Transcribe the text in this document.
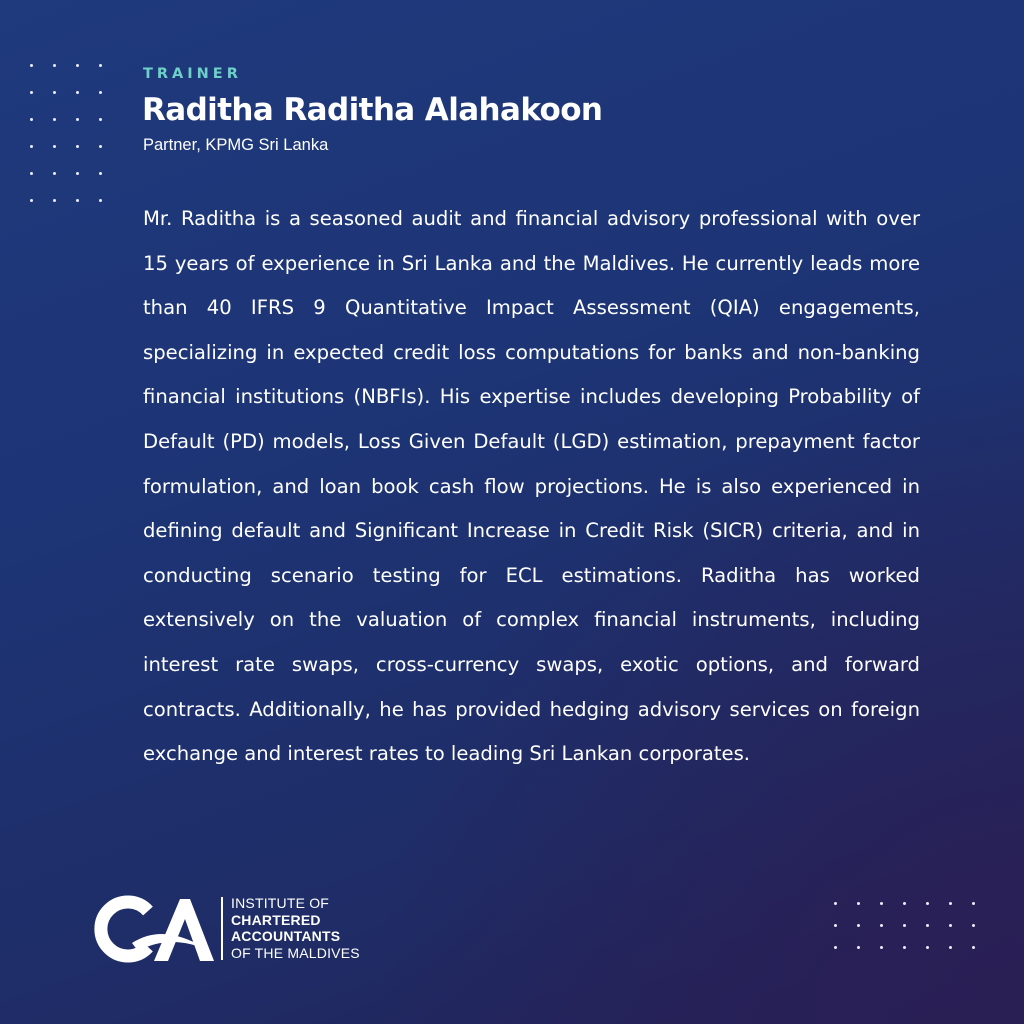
TRAINER

Raditha Raditha Alahakoon

Partner, KPMG Sri Lanka

Mr. Raditha is a seasoned audit and financial advisory professional with over 15 years of experience in Sri Lanka and the Maldives. He currently leads more than 40 IFRS 9 Quantitative Impact Assessment (QIA) engagements, specializing in expected credit loss computations for banks and non-banking financial institutions (NBFIs). His expertise includes developing Probability of Default (PD) models, Loss Given Default (LGD) estimation, prepayment factor formulation, and loan book cash flow projections. He is also experienced in defining default and Significant Increase in Credit Risk (SICR) criteria, and in conducting scenario testing for ECL estimations. Raditha has worked extensively on the valuation of complex financial instruments, including interest rate swaps, cross-currency swaps, exotic options, and forward contracts. Additionally, he has provided hedging advisory services on foreign exchange and interest rates to leading Sri Lankan corporates.

INSTITUTE OF
CHARTERED
ACCOUNTANTS
OF THE MALDIVES
